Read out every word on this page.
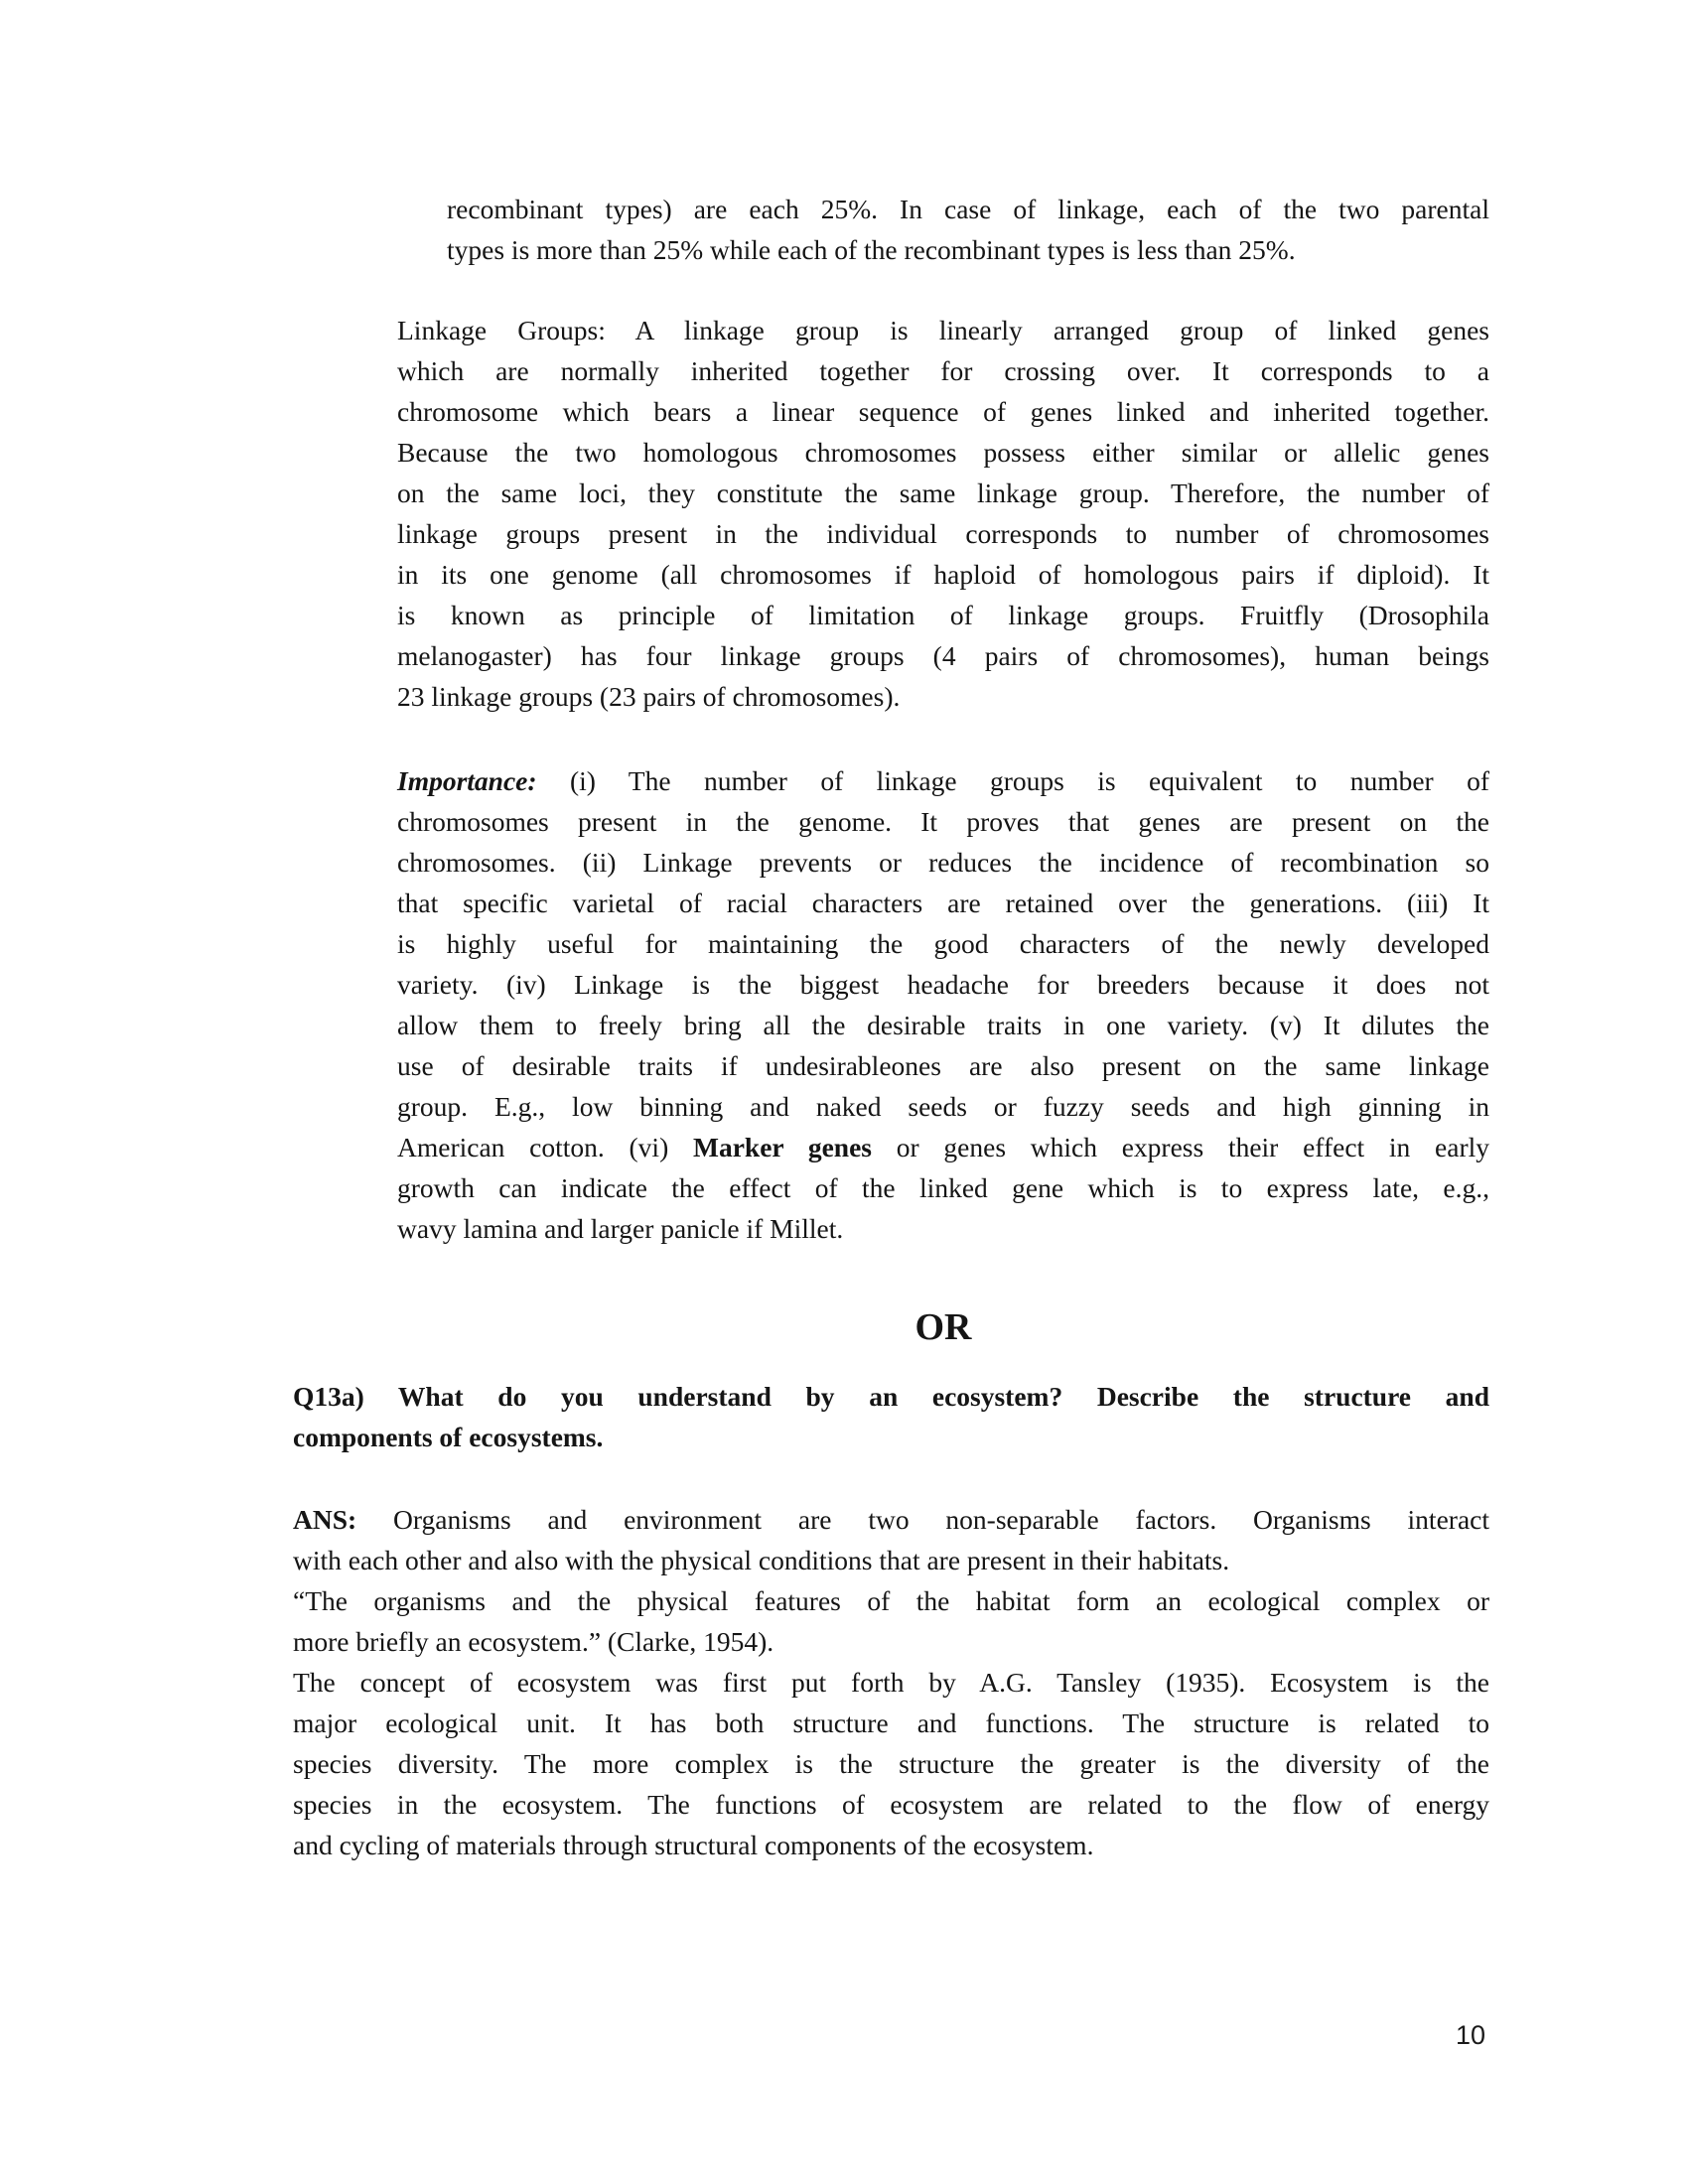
recombinant types) are each 25%. In case of linkage, each of the two parental
types is more than 25% while each of the recombinant types is less than 25%.
Linkage Groups: A linkage group is linearly arranged group of linked genes
which are normally inherited together for crossing over. It corresponds to a
chromosome which bears a linear sequence of genes linked and inherited together.
Because the two homologous chromosomes possess either similar or allelic genes
on the same loci, they constitute the same linkage group. Therefore, the number of
linkage groups present in the individual corresponds to number of chromosomes
in its one genome (all chromosomes if haploid of homologous pairs if diploid). It
is known as principle of limitation of linkage groups. Fruitfly (Drosophila
melanogaster) has four linkage groups (4 pairs of chromosomes), human beings
23 linkage groups (23 pairs of chromosomes).
Importance: (i) The number of linkage groups is equivalent to number of
chromosomes present in the genome. It proves that genes are present on the
chromosomes. (ii) Linkage prevents or reduces the incidence of recombination so
that specific varietal of racial characters are retained over the generations. (iii) It
is highly useful for maintaining the good characters of the newly developed
variety. (iv) Linkage is the biggest headache for breeders because it does not
allow them to freely bring all the desirable traits in one variety. (v) It dilutes the
use of desirable traits if undesirableones are also present on the same linkage
group. E.g., low binning and naked seeds or fuzzy seeds and high ginning in
American cotton. (vi) Marker genes or genes which express their effect in early
growth can indicate the effect of the linked gene which is to express late, e.g.,
wavy lamina and larger panicle if Millet.
OR
Q13a) What do you understand by an ecosystem? Describe the structure and
components of ecosystems.
ANS: Organisms and environment are two non-separable factors. Organisms interact
with each other and also with the physical conditions that are present in their habitats.
“The organisms and the physical features of the habitat form an ecological complex or
more briefly an ecosystem.” (Clarke, 1954).
The concept of ecosystem was first put forth by A.G. Tansley (1935). Ecosystem is the
major ecological unit. It has both structure and functions. The structure is related to
species diversity. The more complex is the structure the greater is the diversity of the
species in the ecosystem. The functions of ecosystem are related to the flow of energy
and cycling of materials through structural components of the ecosystem.
10
